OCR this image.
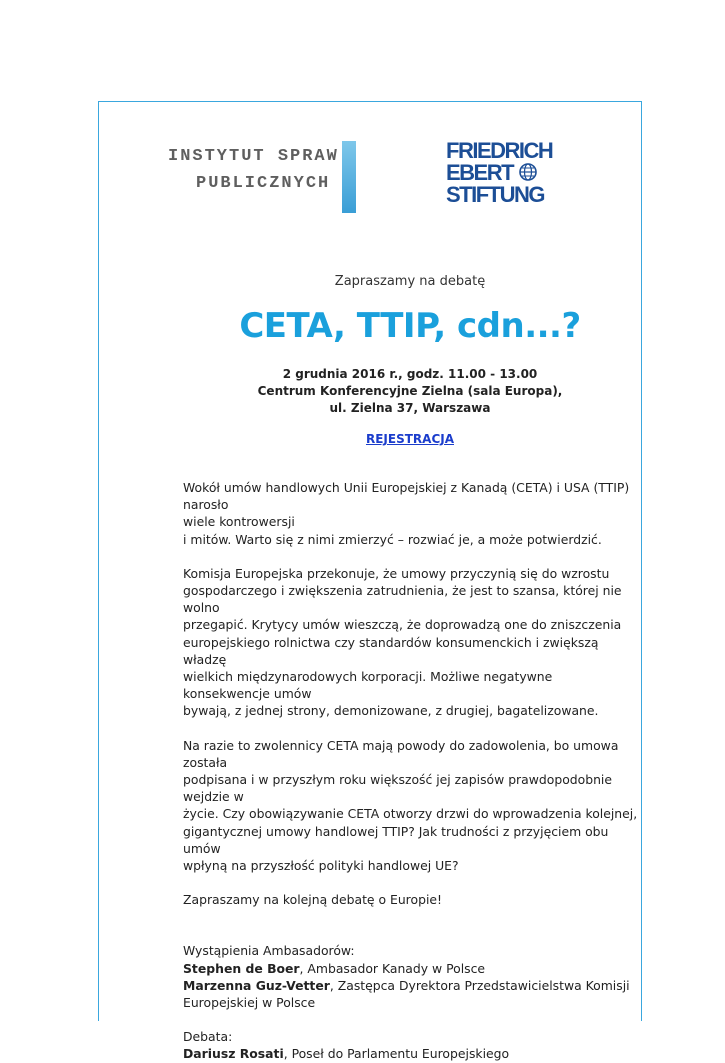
INSTYTUT SPRAW
PUBLICZNYCH
FRIEDRICH
EBERT
STIFTUNG
Zapraszamy na debatę
CETA, TTIP, cdn...?
2 grudnia 2016 r., godz. 11.00 - 13.00
Centrum Konferencyjne Zielna (sala Europa),
ul. Zielna 37, Warszawa
REJESTRACJA

Wokół umów handlowych Unii Europejskiej z Kanadą (CETA) i USA (TTIP) narosło

wiele kontrowersji

i mitów. Warto się z nimi zmierzyć – rozwiać je, a może potwierdzić.

Komisja Europejska przekonuje, że umowy przyczynią się do wzrostu

gospodarczego i zwiększenia zatrudnienia, że jest to szansa, której nie wolno

przegapić. Krytycy umów wieszczą, że doprowadzą one do zniszczenia

europejskiego rolnictwa czy standardów konsumenckich i zwiększą władzę

wielkich międzynarodowych korporacji. Możliwe negatywne konsekwencje umów

bywają, z jednej strony, demonizowane, z drugiej, bagatelizowane.

Na razie to zwolennicy CETA mają powody do zadowolenia, bo umowa została

podpisana i w przyszłym roku większość jej zapisów prawdopodobnie wejdzie w

życie. Czy obowiązywanie CETA otworzy drzwi do wprowadzenia kolejnej,

gigantycznej umowy handlowej TTIP? Jak trudności z przyjęciem obu umów

wpłyną na przyszłość polityki handlowej UE?

Zapraszamy na kolejną debatę o Europie!

Wystąpienia Ambasadorów:

Stephen de Boer, Ambasador Kanady w Polsce

Marzenna Guz-Vetter, Zastępca Dyrektora Przedstawicielstwa Komisji

Europejskiej w Polsce

Debata:

Dariusz Rosati, Poseł do Parlamentu Europejskiego
